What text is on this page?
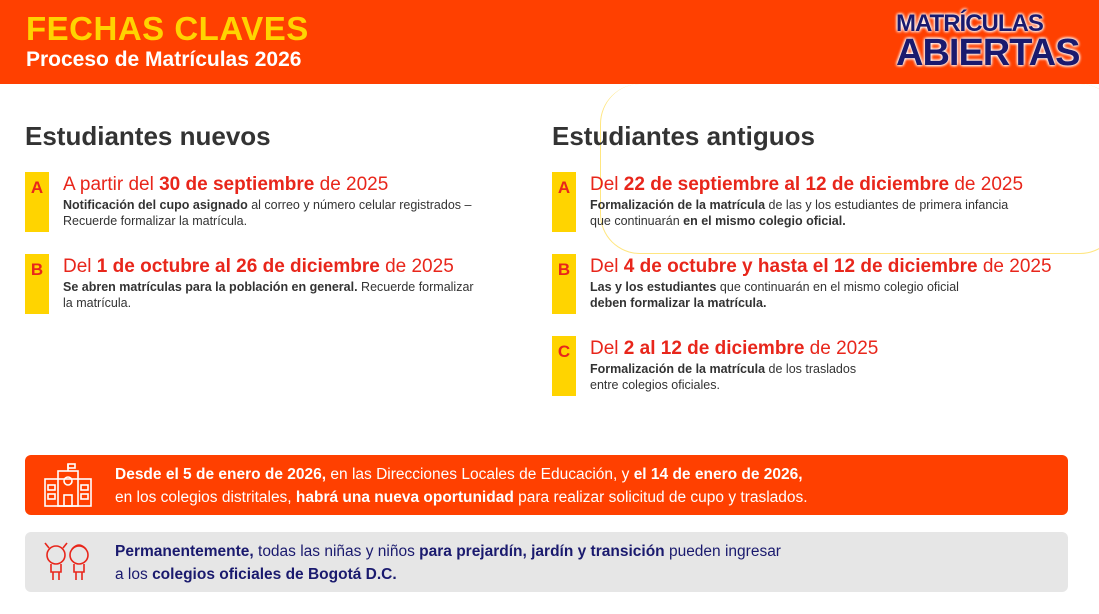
FECHAS CLAVES
Proceso de Matrículas 2026
MATRÍCULAS
ABIERTAS
Estudiantes nuevos
A	A partir del 30 de septiembre de 2025
Notificación del cupo asignado al correo y número celular registrados –
Recuerde formalizar la matrícula.
B	Del 1 de octubre al 26 de diciembre de 2025
Se abren matrículas para la población en general. Recuerde formalizar
la matrícula.
Estudiantes antiguos
A	Del 22 de septiembre al 12 de diciembre de 2025
Formalización de la matrícula de las y los estudiantes de primera infancia
que continuarán en el mismo colegio oficial.
B	Del 4 de octubre y hasta el 12 de diciembre de 2025
Las y los estudiantes que continuarán en el mismo colegio oficial
deben formalizar la matrícula.
C	Del 2 al 12 de diciembre de 2025
Formalización de la matrícula de los traslados
entre colegios oficiales.
Desde el 5 de enero de 2026, en las Direcciones Locales de Educación, y el 14 de enero de 2026,
en los colegios distritales, habrá una nueva oportunidad para realizar solicitud de cupo y traslados.
Permanentemente, todas las niñas y niños para prejardín, jardín y transición pueden ingresar
a los colegios oficiales de Bogotá D.C.
